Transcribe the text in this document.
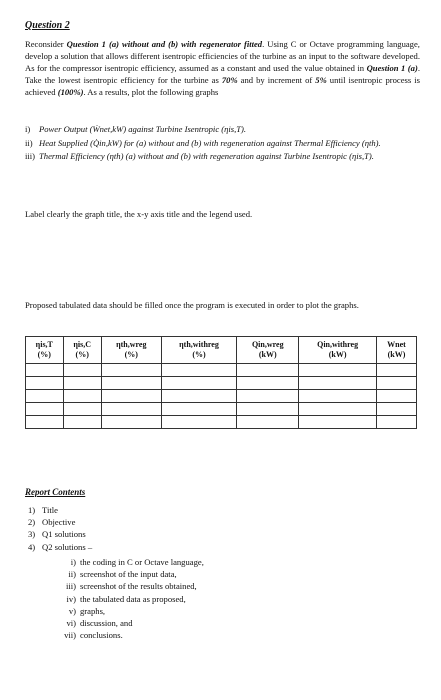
Question 2
Reconsider Question 1 (a) without and (b) with regenerator fitted. Using C or Octave programming language, develop a solution that allows different isentropic efficiencies of the turbine as an input to the software developed. As for the compressor isentropic efficiency, assumed as a constant and used the value obtained in Question 1 (a). Take the lowest isentropic efficiency for the turbine as 70% and by increment of 5% until isentropic process is achieved (100%). As a results, plot the following graphs
i) Power Output (Ẇnet,kW) against Turbine Isentropic (ηis,T).
ii) Heat Supplied (Q̇in,kW) for (a) without and (b) with regeneration against Thermal Efficiency (ηth).
iii) Thermal Efficiency (ηth) (a) without and (b) with regeneration against Turbine Isentropic (ηis,T).
Label clearly the graph title, the x-y axis title and the legend used.
Proposed tabulated data should be filled once the program is executed in order to plot the graphs.
ηis,T
(%)	ηis,C
(%)	ηth,wreg
(%)	ηth,withreg
(%)	Qin,wreg
(kW)	Qin,withreg
(kW)	Wnet
(kW)

Report Contents
1) Title
2) Objective
3) Q1 solutions
4) Q2 solutions –
i) the coding in C or Octave language,
ii) screenshot of the input data,
iii) screenshot of the results obtained,
iv) the tabulated data as proposed,
v) graphs,
vi) discussion, and
vii) conclusions.
